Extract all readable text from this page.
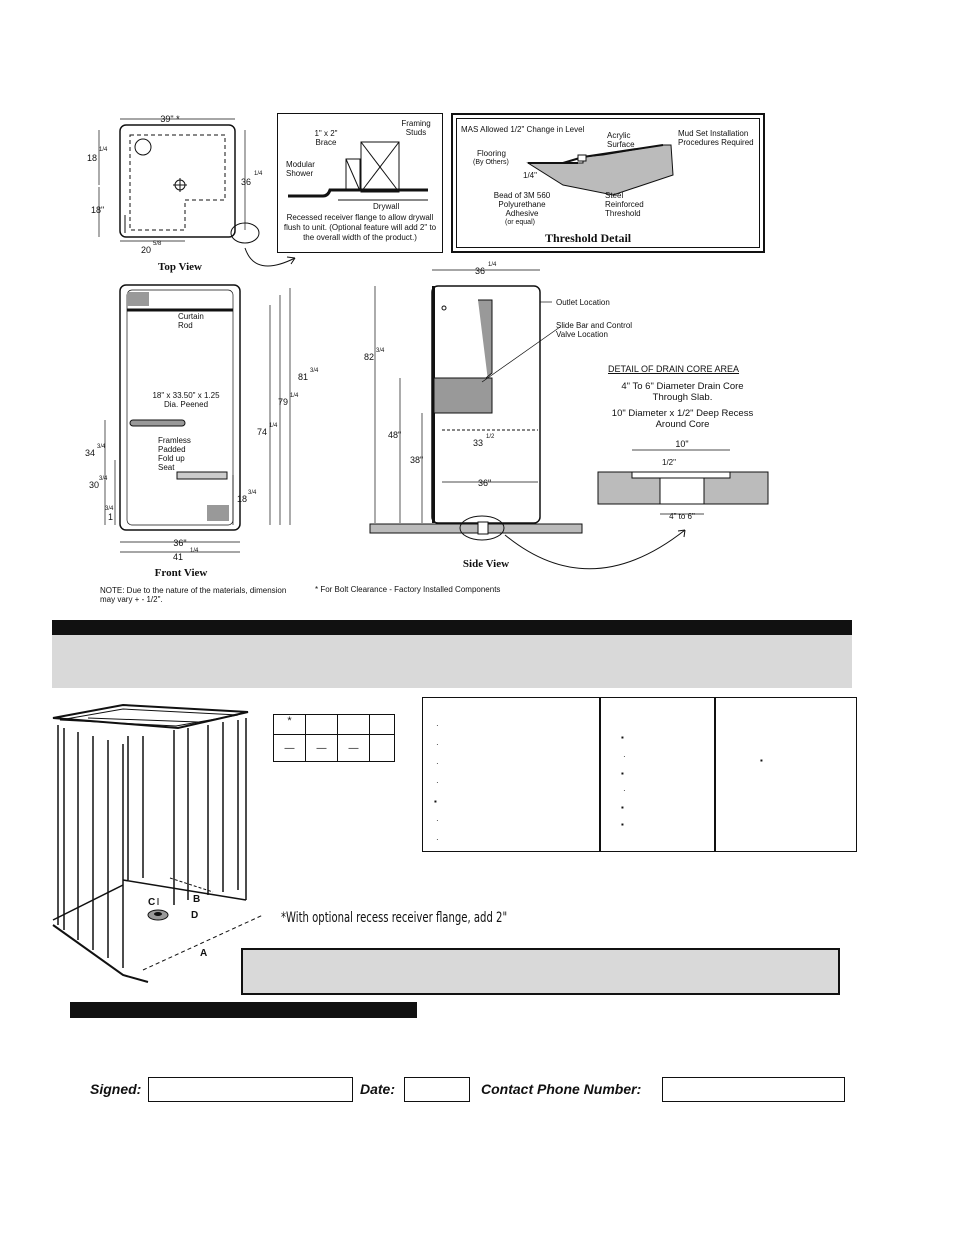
39" *
18
1/4
18"
36
1/4
20
5/8
Top View
Framing Studs
1" x 2" Brace
Modular Shower
Drywall
Recessed receiver flange to allow drywall flush to unit. (Optional feature will add 2" to the overall width of the product.)
MAS Allowed 1/2" Change in Level
Flooring
(By Others)
Acrylic Surface
Mud Set Installation Procedures Required
1/4"
Bead of 3M 560 Polyurethane Adhesive
(or equal)
Steel Reinforced Threshold
Threshold Detail
34
3/4
30
3/4
3/4
1
36"
41
1/4
74
1/4
79
1/4
81
3/4
18
3/4
Front View
Curtain Rod
18" x 33.50" x 1.25 Dia. Peened
Framless Padded Fold up Seat
36
1/4
82
3/4
48"
38"
33
1/2
36"
Side View
Outlet Location
Slide Bar and Control Valve Location
DETAIL OF DRAIN CORE AREA
4" To 6" Diameter Drain Core Through Slab.
10" Diameter x 1/2" Deep Recess Around Core
10"
1/2"
4" to 6"
NOTE: Due to the nature of the materials, dimension may vary + - 1/2".
* For Bolt Clearance - Factory Installed Components
C	B
D
A
*			
—	—	—	
·
·
·
·
▪
·
·
▪
·
▪
·
▪
▪
▪
*With optional recess receiver flange, add 2"
Signed:	Date:	Contact Phone Number:
